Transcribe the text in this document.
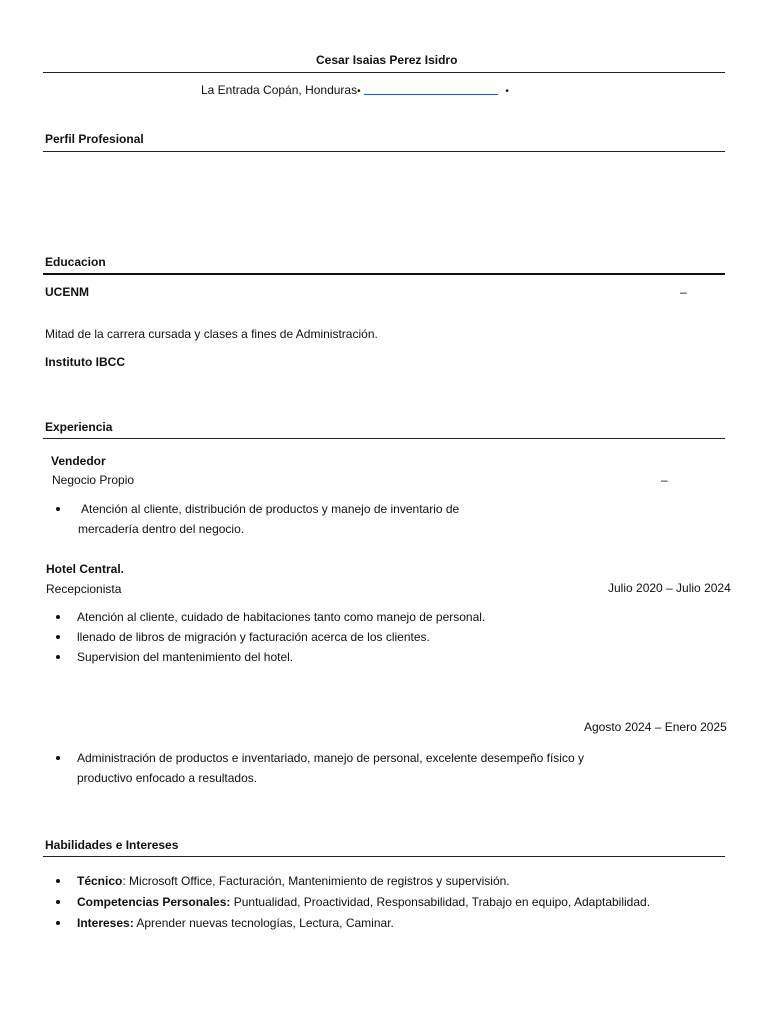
Cesar Isaias Perez Isidro
La Entrada Copán, Honduras•	•
Perfil Profesional
Educacion
UCENM	–
Mitad de la carrera cursada y clases a fines de Administración.
Instituto IBCC
Experiencia
Vendedor
Negocio Propio	–
Atención al cliente, distribución de productos y manejo de inventario de
mercadería dentro del negocio.
Hotel Central.
Recepcionista	Julio 2020 – Julio 2024
Atención al cliente, cuidado de habitaciones tanto como manejo de personal.
llenado de libros de migración y facturación acerca de los clientes.
Supervision del mantenimiento del hotel.
Agosto 2024 – Enero 2025
Administración de productos e inventariado, manejo de personal, excelente desempeño físico y
productivo enfocado a resultados.
Habilidades e Intereses
Técnico: Microsoft Office, Facturación, Mantenimiento de registros y supervisión.
Competencias Personales: Puntualidad, Proactividad, Responsabilidad, Trabajo en equipo, Adaptabilidad.
Intereses: Aprender nuevas tecnologías, Lectura, Caminar.
